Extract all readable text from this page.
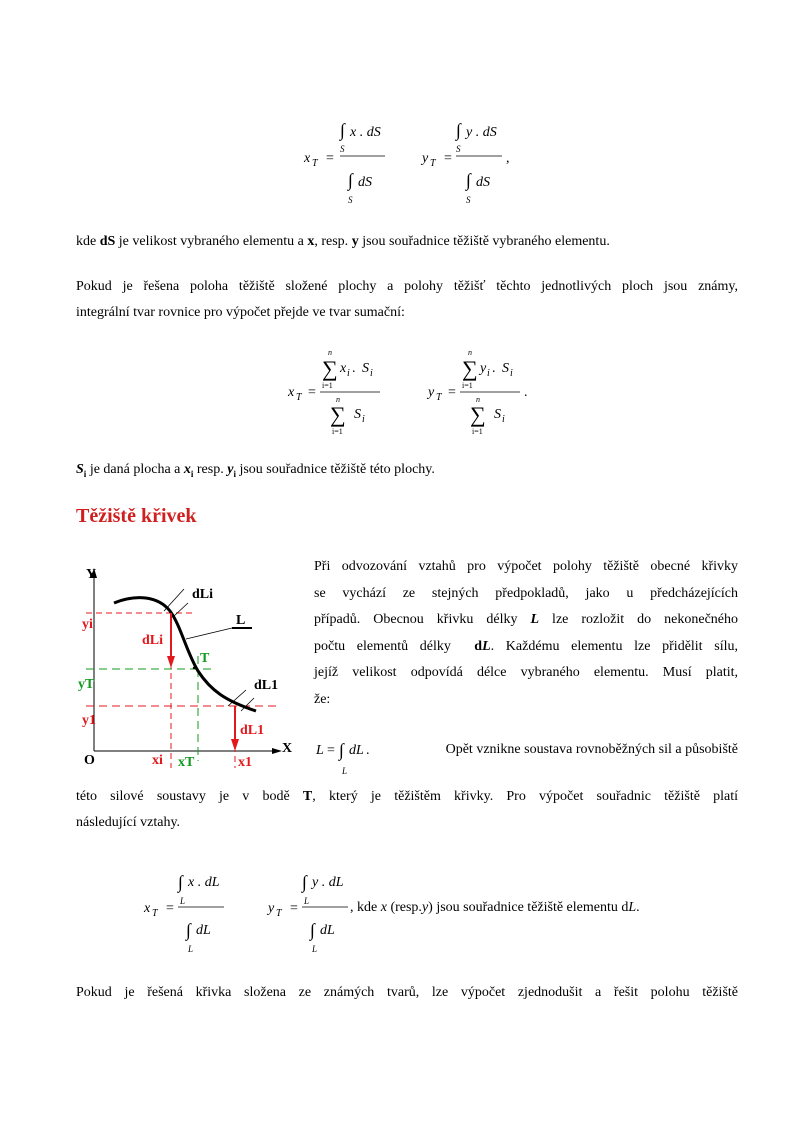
x T =
∫ x . dS
S
∫ dS
S
y T =
∫ y . dS
S
∫ dS
S
,
kde dS je velikost vybraného elementu a x, resp. y jsou souřadnice těžiště vybraného elementu.
Pokud je řešena poloha těžiště složené plochy a polohy těžišť těchto jednotlivých ploch jsou známy,
integrální tvar rovnice pro výpočet přejde ve tvar sumační:
x T =
n
∑
i=1
x i . S i
n
∑
i=1
S i
y T =
n
∑
i=1
y i . S i
n
∑
i=1
S i
.
$S_i$ je daná plocha a $x_i$ resp. $y_i$ jsou souřadnice těžiště této plochy.
Těžiště křivek
Y
X
O
dLi
L
yi
dLi
T
yT	dL1
y1
dL1
xi xT	x1
Při odvozování vztahů pro výpočet polohy těžiště obecné křivky
se vychází ze stejných předpokladů, jako u předcházejících
případů. Obecnou křivku délky L lze rozložit do nekonečného
počtu elementů délky  dL. Každému elementu lze přidělit sílu,
jejíž velikost odpovídá délce vybraného elementu. Musí platit,
že:
L = ∫ dL .
L
Opět vznikne soustava rovnoběžných sil a působiště
této silové soustavy je v bodě T, který je těžištěm křivky. Pro výpočet souřadnic těžiště platí
následující vztahy.
x T =
∫ x . dL
L
∫ dL
L
y T =
∫ y . dL
L
∫ dL
L
, kde x (resp.y) jsou souřadnice těžiště elementu dL.
Pokud je řešená křivka složena ze známých tvarů, lze výpočet zjednodušit a řešit polohu těžiště
